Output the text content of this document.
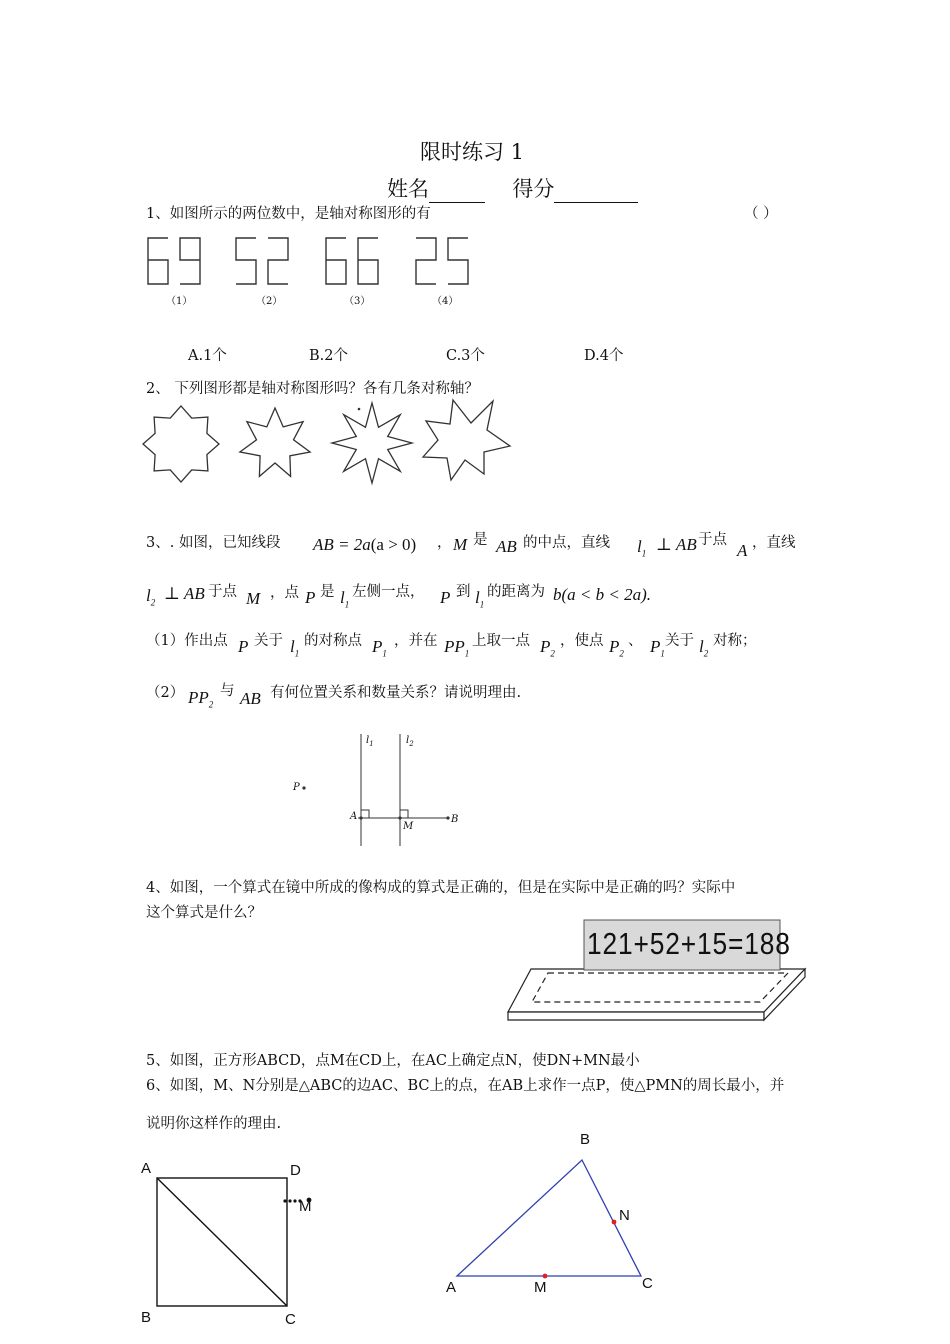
限时练习 1
姓名	得分
1、如图所示的两位数中，是轴对称图形的有	（ ）
（1）	（2）	（3）	（4）
A.1个	B.2个	C.3个	D.4个
2、 下列图形都是轴对称图形吗？各有几条对称轴？
3、. 如图，已知线段 AB = 2a(a > 0) ， M 是 AB 的中点，直线 $l_1$ ⊥ AB 于点
A ，直线
$l_2$ ⊥ AB 于点 M ，点 P 是 $l_1$
左侧一点， P 到 $l_1$
的距离为 b(a < b < 2a).
（1）作出点 P 关于 $l_1$
的对称点 $P_1$
，并在 $PP_1$
上取一点 $P_2$
，使点 $P_2$
、 $P_1$
关于 $l_2$
对称；
（2） $PP_2$
与 AB 有何位置关系和数量关系？请说明理由.
$l_1$	$l_2$
P
A
M
B
4、如图，一个算式在镜中所成的像构成的算式是正确的，但是在实际中是正确的吗？实际中
这个算式是什么？
121+52+15=188
5、如图，正方形ABCD，点M在CD上，在AC上确定点N，使DN+MN最小
6、如图，M、N分别是△ABC的边AC、BC上的点，在AB上求作一点P，使△PMN的周长最小，并
说明你这样作的理由.
A	D
M
B	C
B
N
A	M	C
